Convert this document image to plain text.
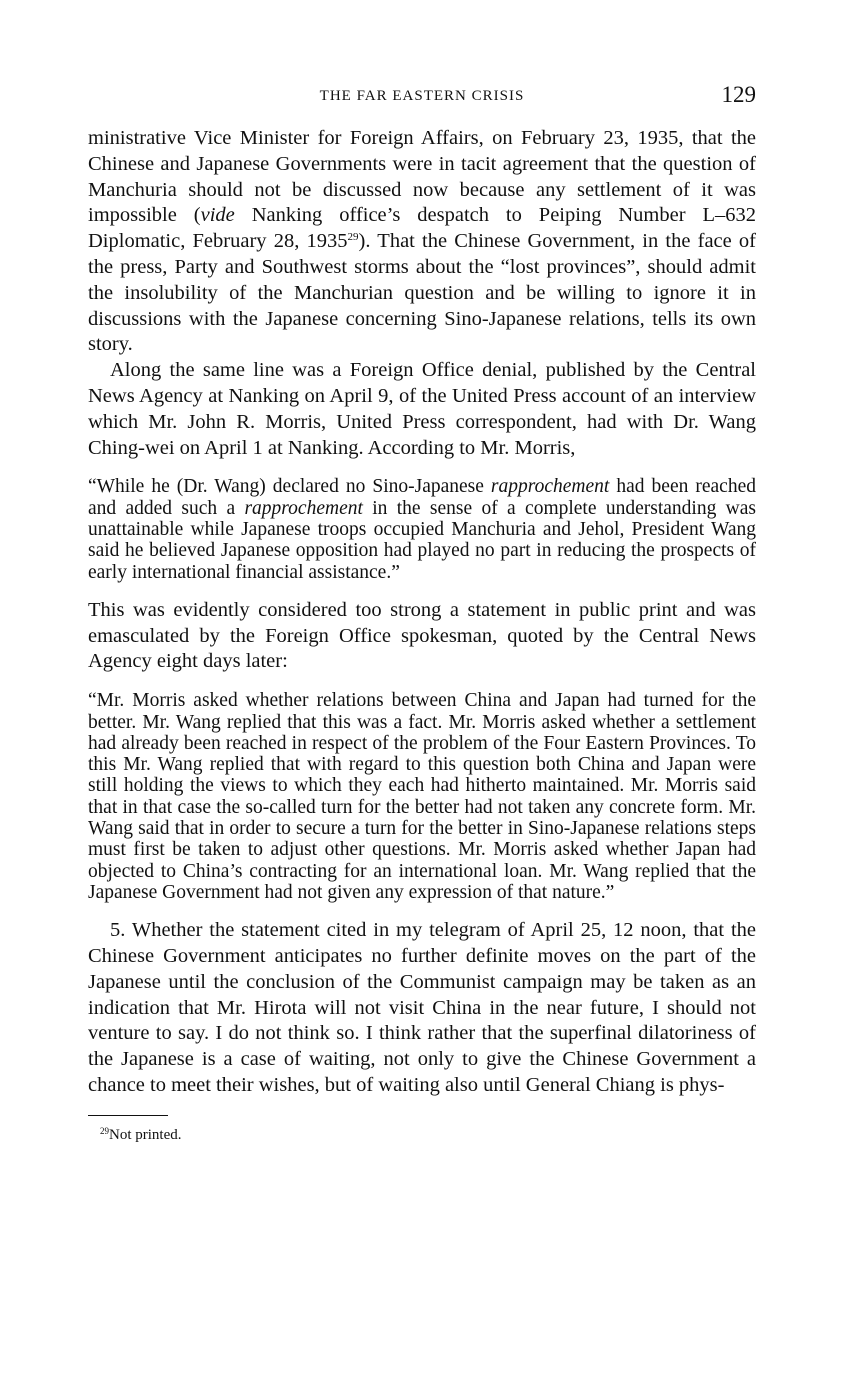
THE FAR EASTERN CRISIS	129

ministrative Vice Minister for Foreign Affairs, on February 23, 1935, that the Chinese and Japanese Governments were in tacit agreement that the question of Manchuria should not be discussed now because any settlement of it was impossible (vide Nanking office’s despatch to Peiping Number L–632 Diplomatic, February 28, 1935$^{29}$). That the Chinese Government, in the face of the press, Party and Southwest storms about the “lost provinces”, should admit the insolubility of the Manchurian question and be willing to ignore it in discussions with the Japanese concerning Sino-Japanese relations, tells its own story.

Along the same line was a Foreign Office denial, published by the Central News Agency at Nanking on April 9, of the United Press account of an interview which Mr. John R. Morris, United Press correspondent, had with Dr. Wang Ching-wei on April 1 at Nanking. According to Mr. Morris,

“While he (Dr. Wang) declared no Sino-Japanese rapprochement had been reached and added such a rapprochement in the sense of a complete understanding was unattainable while Japanese troops occupied Manchuria and Jehol, President Wang said he believed Japanese opposition had played no part in reducing the prospects of early international financial assistance.”

This was evidently considered too strong a statement in public print and was emasculated by the Foreign Office spokesman, quoted by the Central News Agency eight days later:

“Mr. Morris asked whether relations between China and Japan had turned for the better. Mr. Wang replied that this was a fact. Mr. Morris asked whether a settlement had already been reached in respect of the problem of the Four Eastern Provinces. To this Mr. Wang replied that with regard to this question both China and Japan were still holding the views to which they each had hitherto maintained. Mr. Morris said that in that case the so-called turn for the better had not taken any concrete form. Mr. Wang said that in order to secure a turn for the better in Sino-Japanese relations steps must first be taken to adjust other questions. Mr. Morris asked whether Japan had objected to China’s contracting for an international loan. Mr. Wang replied that the Japanese Government had not given any expression of that nature.”

5. Whether the statement cited in my telegram of April 25, 12 noon, that the Chinese Government anticipates no further definite moves on the part of the Japanese until the conclusion of the Communist campaign may be taken as an indication that Mr. Hirota will not visit China in the near future, I should not venture to say. I do not think so. I think rather that the superfinal dilatoriness of the Japanese is a case of waiting, not only to give the Chinese Government a chance to meet their wishes, but of waiting also until General Chiang is phys-

$^{29}$Not printed.
